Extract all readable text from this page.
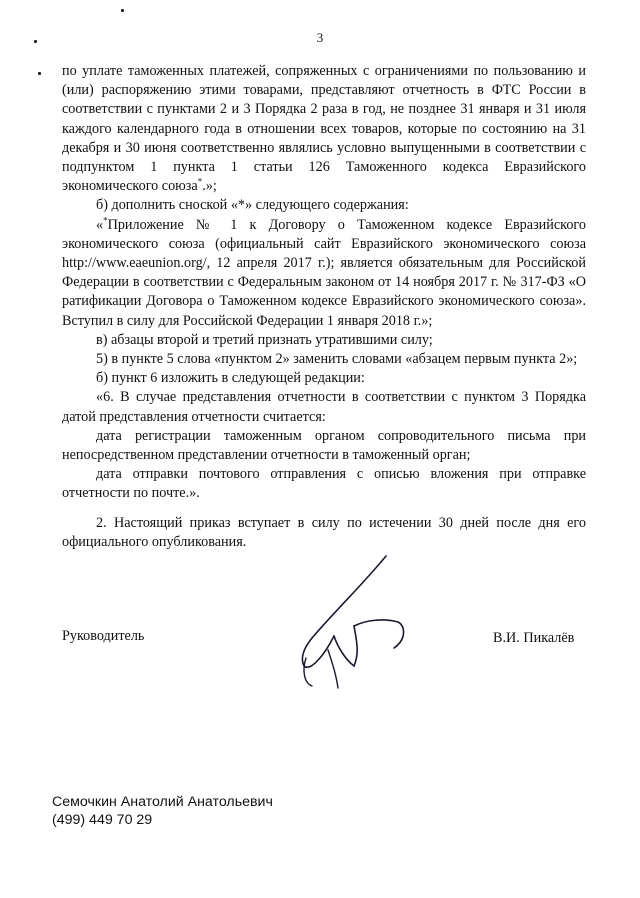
3

по уплате таможенных платежей, сопряженных с ограничениями по пользованию и (или) распоряжению этими товарами, представляют отчетность в ФТС России в соответствии с пунктами 2 и 3 Порядка 2 раза в год, не позднее 31 января и 31 июля каждого календарного года в отношении всех товаров, которые по состоянию на 31 декабря и 30 июня соответственно являлись условно выпущенными в соответствии с подпунктом 1 пункта 1 статьи 126 Таможенного кодекса Евразийского экономического союза*.»;

б) дополнить сноской «*» следующего содержания:

«*Приложение № 1 к Договору о Таможенном кодексе Евразийского экономического союза (официальный сайт Евразийского экономического союза http://www.eaeunion.org/, 12 апреля 2017 г.); является обязательным для Российской Федерации в соответствии с Федеральным законом от 14 ноября 2017 г. № 317-ФЗ «О ратификации Договора о Таможенном кодексе Евразийского экономического союза». Вступил в силу для Российской Федерации 1 января 2018 г.»;

в) абзацы второй и третий признать утратившими силу;

5) в пункте 5 слова «пунктом 2» заменить словами «абзацем первым пункта 2»;

б) пункт 6 изложить в следующей редакции:

«6. В случае представления отчетности в соответствии с пунктом 3 Порядка датой представления отчетности считается:

дата регистрации таможенным органом сопроводительного письма при непосредственном представлении отчетности в таможенный орган;

дата отправки почтового отправления с описью вложения при отправке отчетности по почте.».

2. Настоящий приказ вступает в силу по истечении 30 дней после дня его официального опубликования.

Руководитель	В.И. Пикалёв
Семочкин Анатолий Анатольевич
(499) 449 70 29
